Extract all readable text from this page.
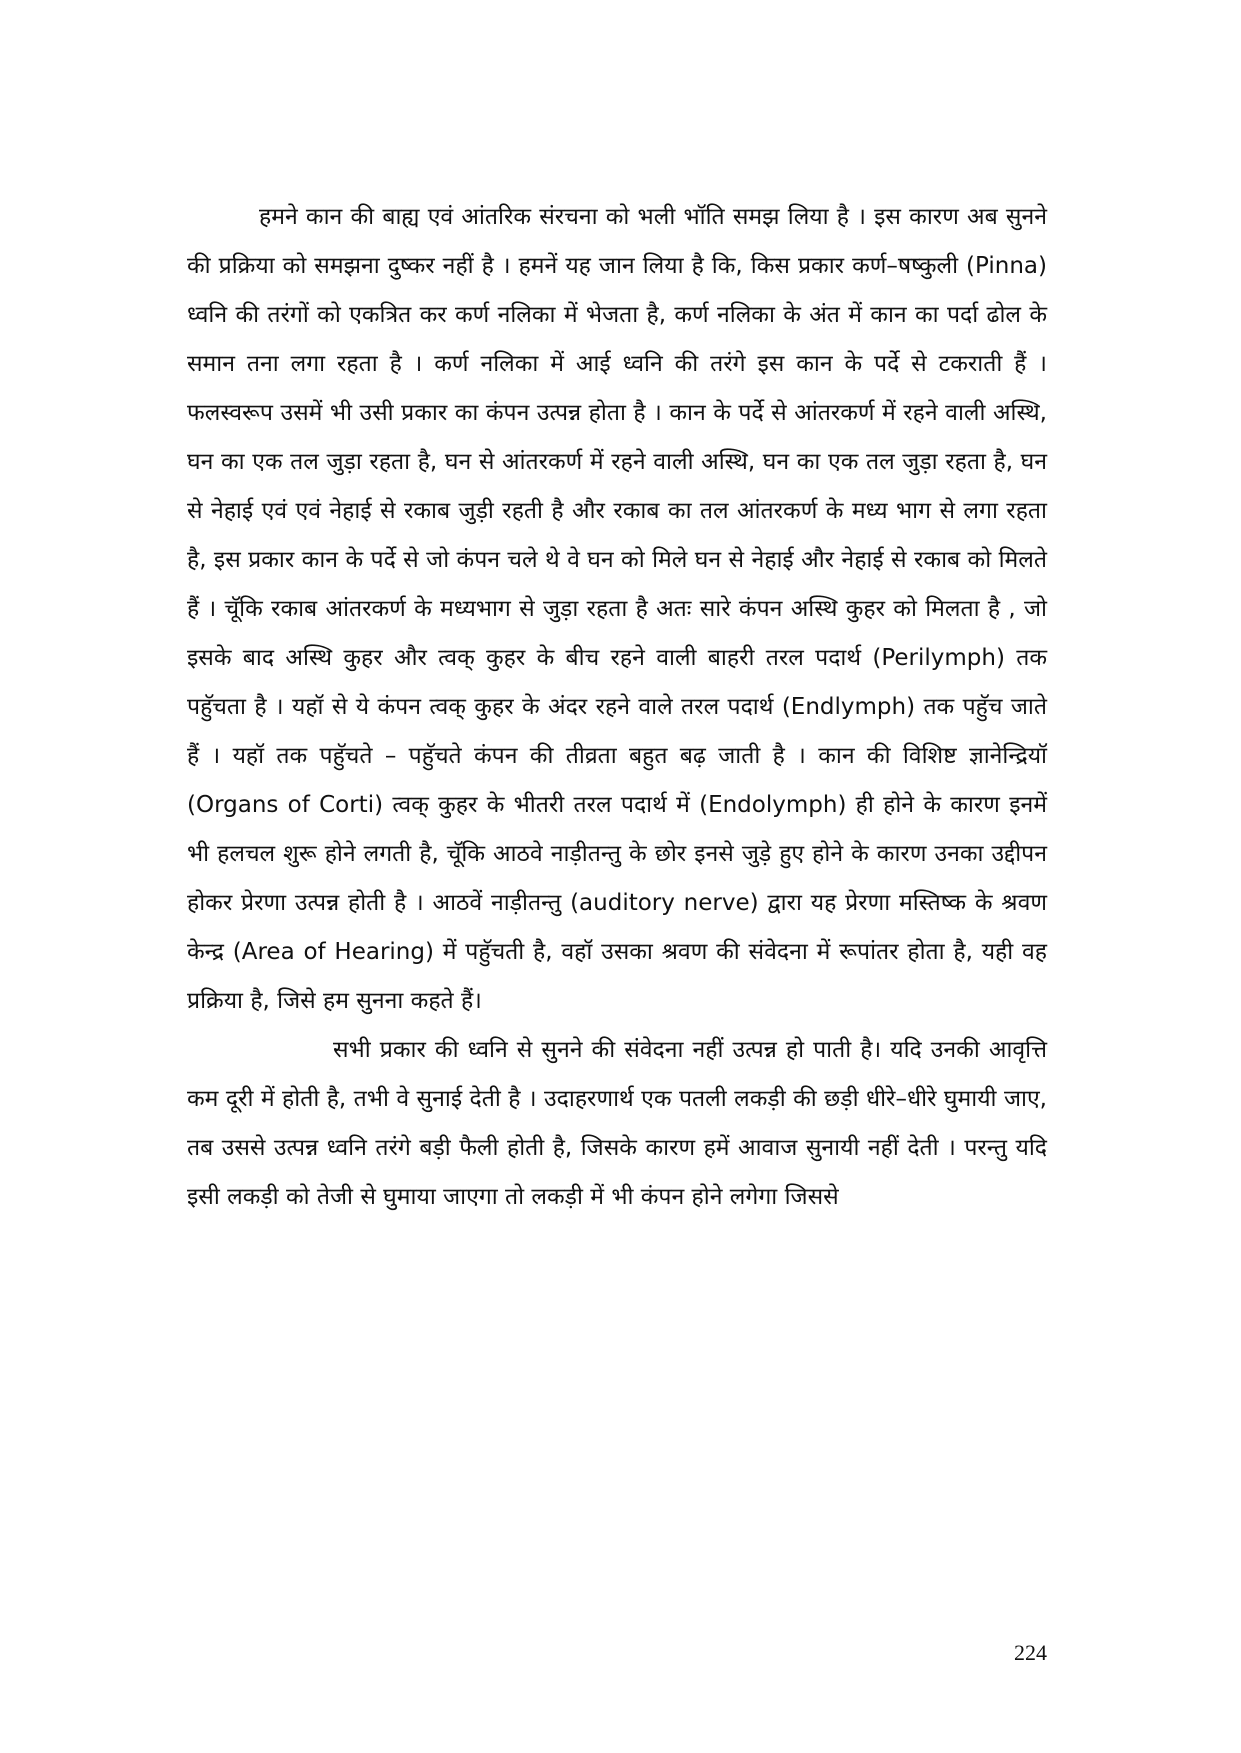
हमने कान की बाह्य एवं आंतरिक संरचना को भली भॉति समझ लिया है । इस कारण अब सुनने की प्रक्रिया को समझना दुष्कर नहीं है । हमनें यह जान लिया है कि, किस प्रकार कर्ण–षष्कुली (Pinna) ध्वनि की तरंगों को एकत्रित कर कर्ण नलिका में भेजता है, कर्ण नलिका के अंत में कान का पर्दा ढोल के समान तना लगा रहता है । कर्ण नलिका में आई ध्वनि की तरंगे इस कान के पर्दे से टकराती हैं । फलस्वरूप उसमें भी उसी प्रकार का कंपन उत्पन्न होता है । कान के पर्दे से आंतरकर्ण में रहने वाली अस्थि, घन का एक तल जुड़ा रहता है, घन से आंतरकर्ण में रहने वाली अस्थि, घन का एक तल जुड़ा रहता है, घन से नेहाई एवं एवं नेहाई से रकाब जुड़ी रहती है और रकाब का तल आंतरकर्ण के मध्य भाग से लगा रहता है, इस प्रकार कान के पर्दे से जो कंपन चले थे वे घन को मिले घन से नेहाई और नेहाई से रकाब को मिलते हैं । चूॅकि रकाब आंतरकर्ण के मध्यभाग से जुड़ा रहता है अतः सारे कंपन अस्थि कुहर को मिलता है , जो इसके बाद अस्थि कुहर और त्वक् कुहर के बीच रहने वाली बाहरी तरल पदार्थ (Perilymph) तक पहुॅचता है । यहॉ से ये कंपन त्वक् कुहर के अंदर रहने वाले तरल पदार्थ (Endlymph) तक पहुॅच जाते हैं । यहॉ तक पहुॅचते – पहुॅचते कंपन की तीव्रता बहुत बढ़ जाती है । कान की विशिष्ट ज्ञानेन्द्रियॉ (Organs of Corti) त्वक् कुहर के भीतरी तरल पदार्थ में (Endolymph) ही होने के कारण इनमें भी हलचल शुरू होने लगती है, चूॅकि आठवे नाड़ीतन्तु के छोर इनसे जुड़े हुए होने के कारण उनका उद्दीपन होकर प्रेरणा उत्पन्न होती है । आठवें नाड़ीतन्तु (auditory nerve) द्वारा यह प्रेरणा मस्तिष्क के श्रवण केन्द्र (Area of Hearing) में पहुॅचती है, वहॉ उसका श्रवण की संवेदना में रूपांतर होता है, यही वह प्रक्रिया है, जिसे हम सुनना कहते हैं।

सभी प्रकार की ध्वनि से सुनने की संवेदना नहीं उत्पन्न हो पाती है। यदि उनकी आवृत्ति कम दूरी में होती है, तभी वे सुनाई देती है । उदाहरणार्थ एक पतली लकड़ी की छड़ी धीरे–धीरे घुमायी जाए, तब उससे उत्पन्न ध्वनि तरंगे बड़ी फैली होती है, जिसके कारण हमें आवाज सुनायी नहीं देती । परन्तु यदि इसी लकड़ी को तेजी से घुमाया जाएगा तो लकड़ी में भी कंपन होने लगेगा जिससे

224
